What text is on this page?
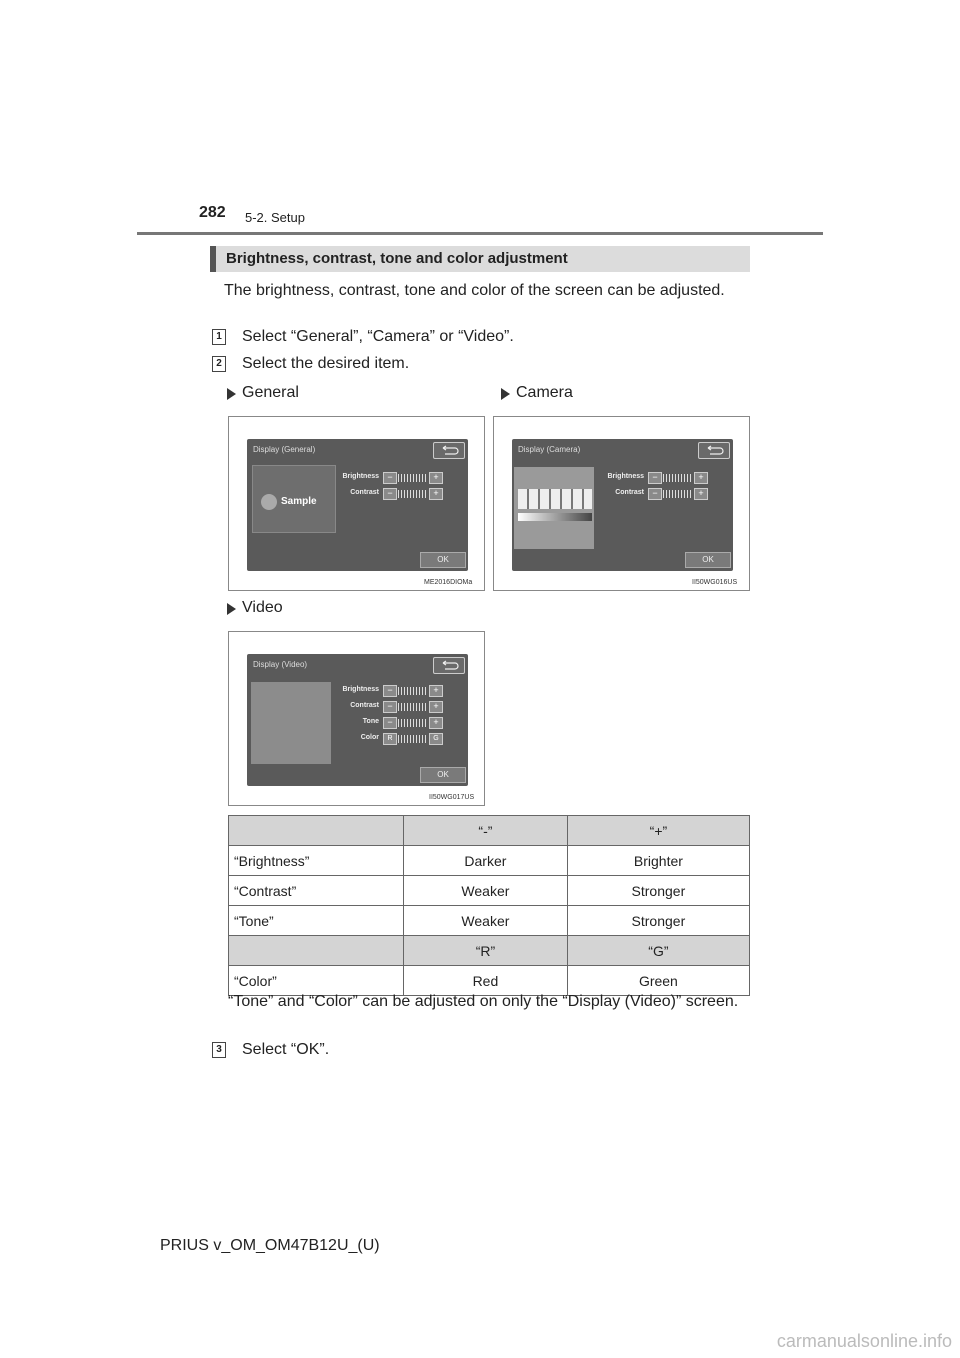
282 5-2. Setup
Brightness, contrast, tone and color adjustment
The brightness, contrast, tone and color of the screen can be adjusted.
1 Select “General”, “Camera” or “Video”.
2 Select the desired item.
General	Camera
Display (General)
Sample
Brightness −	+
Contrast −	+
OK
ME2016DIOMa
Display (Camera)
Brightness −	+
Contrast −	+
OK
II50WG016US
Video
Display (Video)
Brightness −	+
Contrast −	+
Tone −	+
Color	R	G
OK
II50WG017US
	“-”	“+”
“Brightness”	Darker	Brighter
“Contrast”	Weaker	Stronger
“Tone”	Weaker	Stronger
	“R”	“G”
“Color”	Red	Green
“Tone” and “Color” can be adjusted on only the “Display (Video)” screen.
3 Select “OK”.
PRIUS v_OM_OM47B12U_(U)
carmanualsonline.info
